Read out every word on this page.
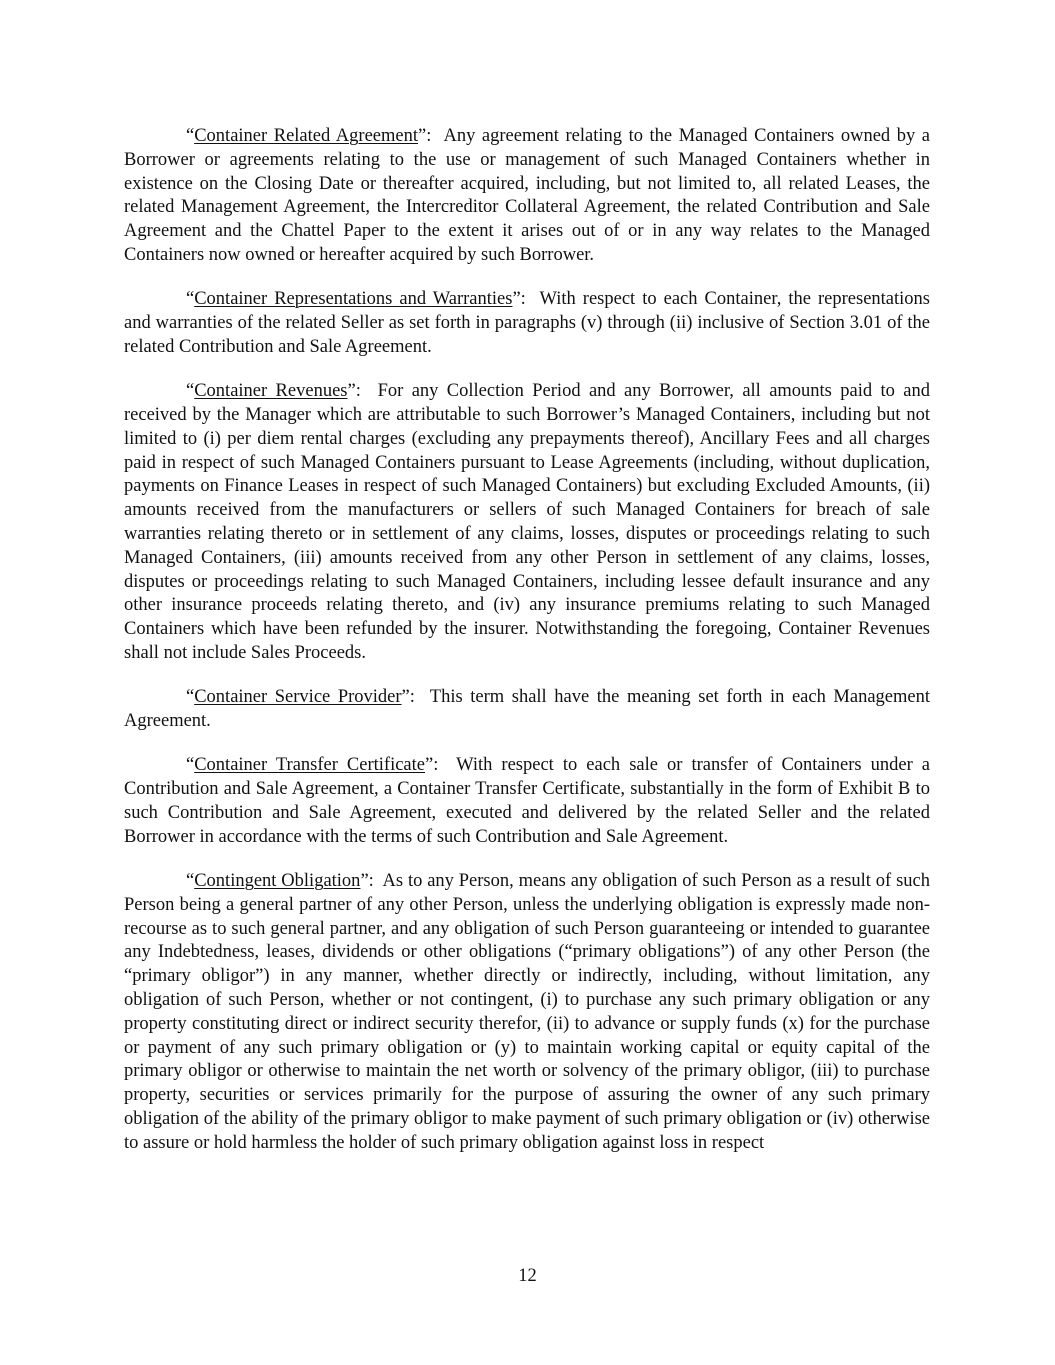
“Container Related Agreement”: Any agreement relating to the Managed Containers owned by a Borrower or agreements relating to the use or management of such Managed Containers whether in existence on the Closing Date or thereafter acquired, including, but not limited to, all related Leases, the related Management Agreement, the Intercreditor Collateral Agreement, the related Contribution and Sale Agreement and the Chattel Paper to the extent it arises out of or in any way relates to the Managed Containers now owned or hereafter acquired by such Borrower.

“Container Representations and Warranties”: With respect to each Container, the representations and warranties of the related Seller as set forth in paragraphs (v) through (ii) inclusive of Section 3.01 of the related Contribution and Sale Agreement.

“Container Revenues”: For any Collection Period and any Borrower, all amounts paid to and received by the Manager which are attributable to such Borrower’s Managed Containers, including but not limited to (i) per diem rental charges (excluding any prepayments thereof), Ancillary Fees and all charges paid in respect of such Managed Containers pursuant to Lease Agreements (including, without duplication, payments on Finance Leases in respect of such Managed Containers) but excluding Excluded Amounts, (ii) amounts received from the manufacturers or sellers of such Managed Containers for breach of sale warranties relating thereto or in settlement of any claims, losses, disputes or proceedings relating to such Managed Containers, (iii) amounts received from any other Person in settlement of any claims, losses, disputes or proceedings relating to such Managed Containers, including lessee default insurance and any other insurance proceeds relating thereto, and (iv) any insurance premiums relating to such Managed Containers which have been refunded by the insurer. Notwithstanding the foregoing, Container Revenues shall not include Sales Proceeds.

“Container Service Provider”: This term shall have the meaning set forth in each Management Agreement.

“Container Transfer Certificate”: With respect to each sale or transfer of Containers under a Contribution and Sale Agreement, a Container Transfer Certificate, substantially in the form of Exhibit B to such Contribution and Sale Agreement, executed and delivered by the related Seller and the related Borrower in accordance with the terms of such Contribution and Sale Agreement.

“Contingent Obligation”: As to any Person, means any obligation of such Person as a result of such Person being a general partner of any other Person, unless the underlying obligation is expressly made non-recourse as to such general partner, and any obligation of such Person guaranteeing or intended to guarantee any Indebtedness, leases, dividends or other obligations (“primary obligations”) of any other Person (the “primary obligor”) in any manner, whether directly or indirectly, including, without limitation, any obligation of such Person, whether or not contingent, (i) to purchase any such primary obligation or any property constituting direct or indirect security therefor, (ii) to advance or supply funds (x) for the purchase or payment of any such primary obligation or (y) to maintain working capital or equity capital of the primary obligor or otherwise to maintain the net worth or solvency of the primary obligor, (iii) to purchase property, securities or services primarily for the purpose of assuring the owner of any such primary obligation of the ability of the primary obligor to make payment of such primary obligation or (iv) otherwise to assure or hold harmless the holder of such primary obligation against loss in respect

12
